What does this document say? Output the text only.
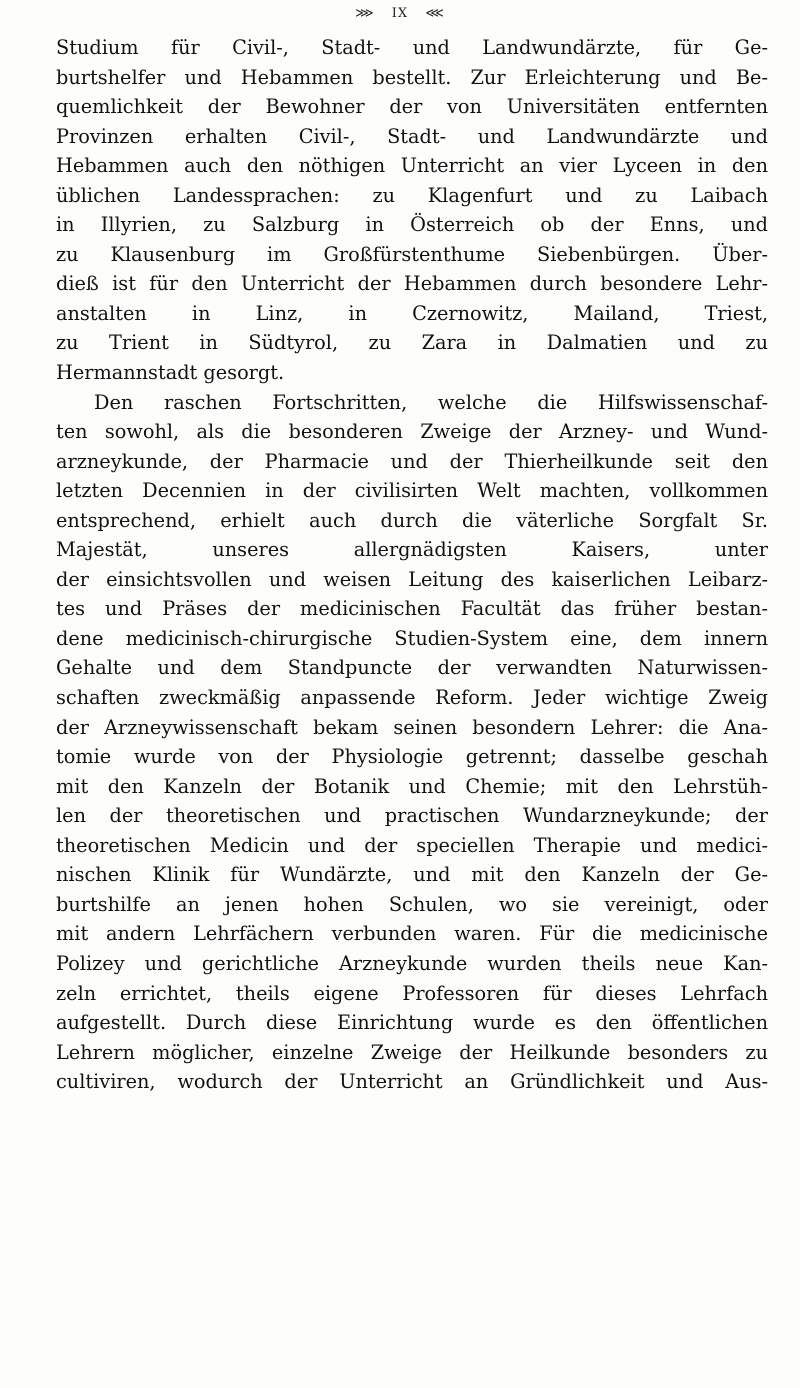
⋙ IX ⋘
Studium für Civil-, Stadt- und Landwundärzte, für Ge-
burtshelfer und Hebammen bestellt. Zur Erleichterung und Be-
quemlichkeit der Bewohner der von Universitäten entfernten
Provinzen erhalten Civil-, Stadt- und Landwundärzte und
Hebammen auch den nöthigen Unterricht an vier Lyceen in den
üblichen Landessprachen: zu Klagenfurt und zu Laibach
in Illyrien, zu Salzburg in Österreich ob der Enns, und
zu Klausenburg im Großfürstenthume Siebenbürgen. Über-
dieß ist für den Unterricht der Hebammen durch besondere Lehr-
anstalten in Linz, in Czernowitz, Mailand, Triest,
zu Trient in Südtyrol, zu Zara in Dalmatien und zu
Hermannstadt gesorgt.
Den raschen Fortschritten, welche die Hilfswissenschaf-
ten sowohl, als die besonderen Zweige der Arzney- und Wund-
arzneykunde, der Pharmacie und der Thierheilkunde seit den
letzten Decennien in der civilisirten Welt machten, vollkommen
entsprechend, erhielt auch durch die väterliche Sorgfalt Sr.
Majestät, unseres allergnädigsten Kaisers, unter
der einsichtsvollen und weisen Leitung des kaiserlichen Leibarz-
tes und Präses der medicinischen Facultät das früher bestan-
dene medicinisch-chirurgische Studien-System eine, dem innern
Gehalte und dem Standpuncte der verwandten Naturwissen-
schaften zweckmäßig anpassende Reform. Jeder wichtige Zweig
der Arzneywissenschaft bekam seinen besondern Lehrer: die Ana-
tomie wurde von der Physiologie getrennt; dasselbe geschah
mit den Kanzeln der Botanik und Chemie; mit den Lehrstüh-
len der theoretischen und practischen Wundarzneykunde; der
theoretischen Medicin und der speciellen Therapie und medici-
nischen Klinik für Wundärzte, und mit den Kanzeln der Ge-
burtshilfe an jenen hohen Schulen, wo sie vereinigt, oder
mit andern Lehrfächern verbunden waren. Für die medicinische
Polizey und gerichtliche Arzneykunde wurden theils neue Kan-
zeln errichtet, theils eigene Professoren für dieses Lehrfach
aufgestellt. Durch diese Einrichtung wurde es den öffentlichen
Lehrern möglicher, einzelne Zweige der Heilkunde besonders zu
cultiviren, wodurch der Unterricht an Gründlichkeit und Aus-
